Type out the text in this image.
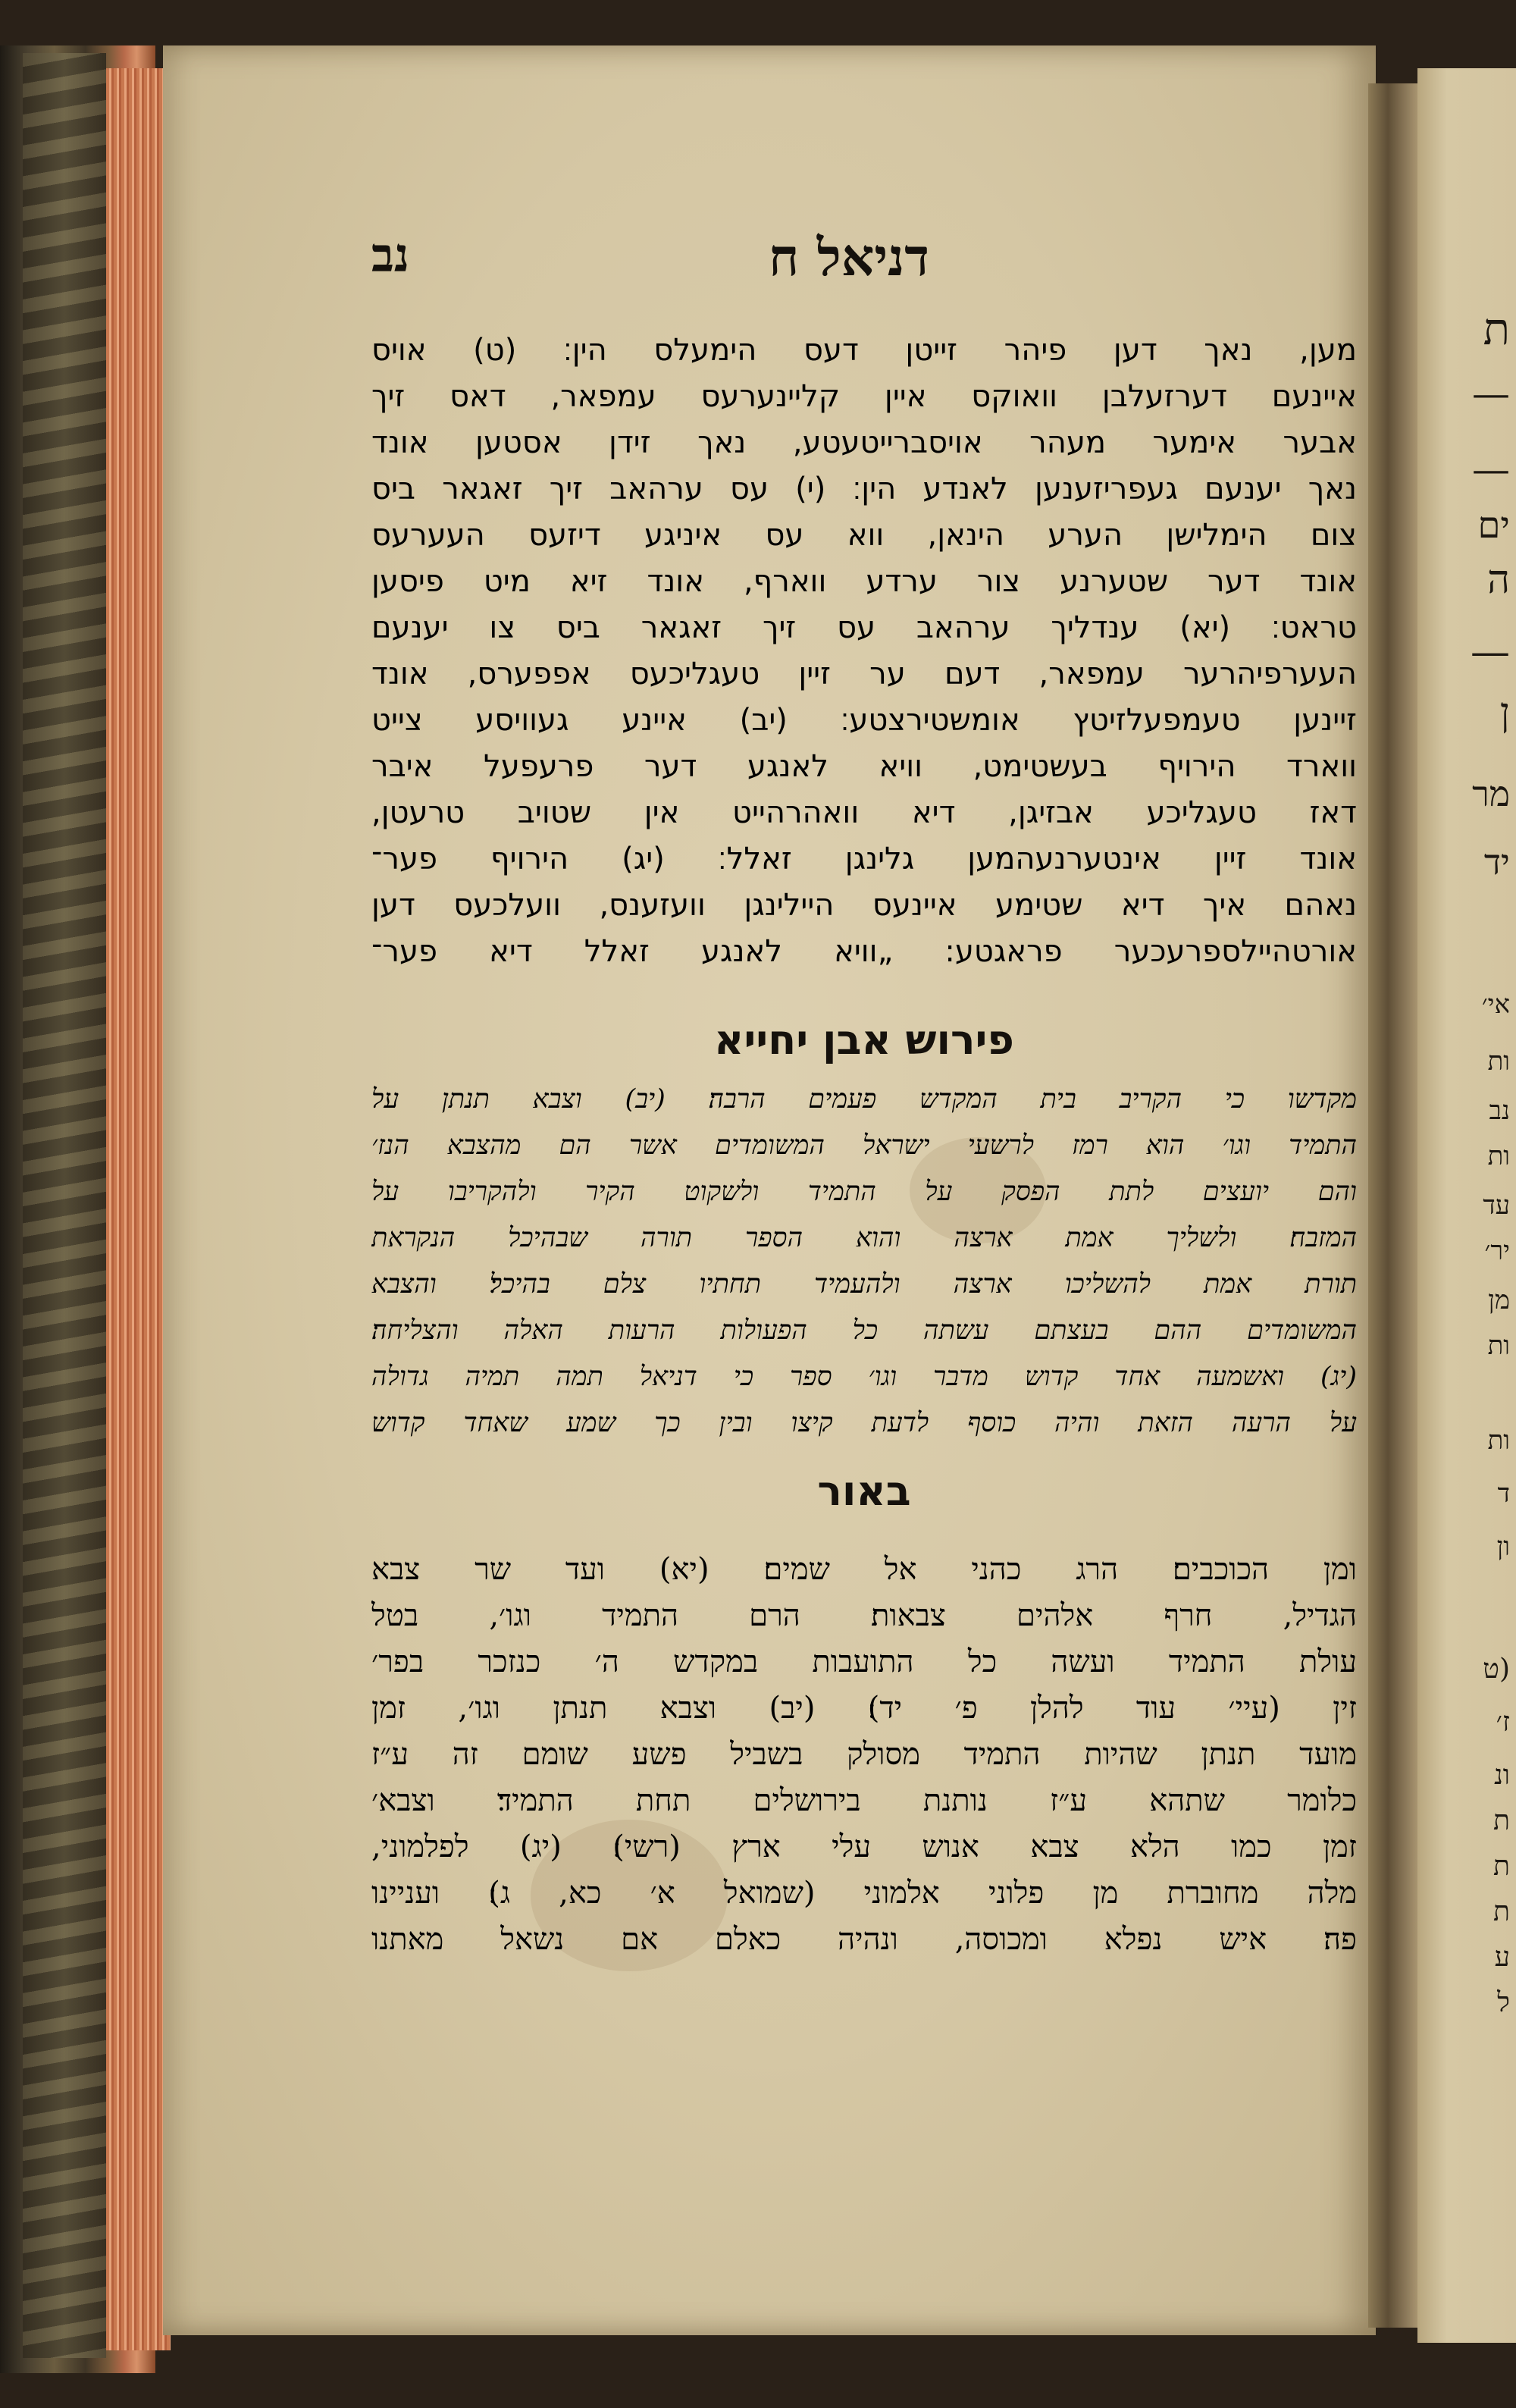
ת
—
—
ים
ה
—
ן
מר
יד
אי׳
ות
נב
ות
עד
יר׳
מן
ות
ות
ד
ון
(ט
ז׳
ונ
ת
ת
ת
ע
ל
דניאל ח
נב
מען, נאך דען פיהר זייטן דעס הימעלס הין׃ (ט) אויס
איינעם דערזעלבן וואוקס איין קליינערעס עמפאר, דאס זיך
אבער אימער מעהר אויסברייטעטע, נאך זידן אסטען אונד
נאך יענעם געפריזענען לאנדע הין׃ (י) עס ערהאב זיך זאגאר ביס
צום הימלישן הערע הינאן, ווא עס איניגע דיזעס העערעס
אונד דער שטערנע צור ערדע ווארף, אונד זיא מיט פיסען
טראט׃ (יא) ענדליך ערהאב עס זיך זאגאר ביס צו יענעם
העערפיהרער עמפאר, דעם ער זיין טעגליכעס אפפערס, אונד
זיינען טעמפעלזיטץ אומשטירצטע׃ (יב) איינע געוויסע צייט
ווארד הירויף בעשטימט, וויא לאנגע דער פרעפעל איבר
דאז טעגליכע אבזיגן, דיא וואהרהייט אין שטויב טרעטן,
אונד זיין אינטערנעהמען גלינגן זאלל׃ (יג) הירויף פער־
נאהם איך דיא שטימע איינעס היילינגן וועזענס, וועלכעס דען
אורטהיילספרעכער פראגטע: „וויא לאנגע זאלל דיא פער־
פירוש אבן יחייא
מקדשו כי הקריב בית המקדש פעמים הרבה׃ (יב) וצבא תנתן על
התמיד וגו׳ הוא רמז לרשעי ישראל המשומדים אשר הם מהצבא הנז׳
והם יועצים לתת הפסק על התמיד ולשקוט הקיר ולהקריבו על
המזבח׃ ולשליך אמת ארצה והוא הספר תורה שבהיכל הנקראת
תורת אמת להשליכו ארצה ולהעמיד תחתיו צלם בהיכל׃ והצבא
המשומדים ההם בעצתם עשתה כל הפעולות הרעות האלה והצליחה׃
(יג) ואשמעה אחד קדוש מדבר וגו׳ ספר כי דניאל תמה תמיה גדולה
על הרעה הזאת והיה כוסף לדעת קיצו ובין כך שמע שאחד קדוש
באור
ומן הכוכבים׃ הרג כהני אל שמים׃ (יא) ועד שר צבא
הגדיל, חרף אלהים צבאות׃ הרם התמיד וגו׳, בטל
עולת התמיד ועשה כל התועבות במקדש ה׳ כנזכר בפר׳
זין (עיי׳ עוד להלן פ׳ יד)׃ (יב) וצבא תנתן וגו׳, זמן
מועד תנתן שהיות התמיד מסולק בשביל פשע שומם זה ע״ז
כלומר שתהא ע״ז נותנת בירושלים תחת התמיד׃ וצבא׳
זמן כמו הלא צבא אנוש עלי ארץ (רשי)׃ (יג) לפלמוני,
מלה מחוברת מן פלוני אלמוני (שמואל א׳ כא, ג)׃ ועניינו
פה׃ איש נפלא ומכוסה, ונהיה כאלם אם נשאל מאתנו
